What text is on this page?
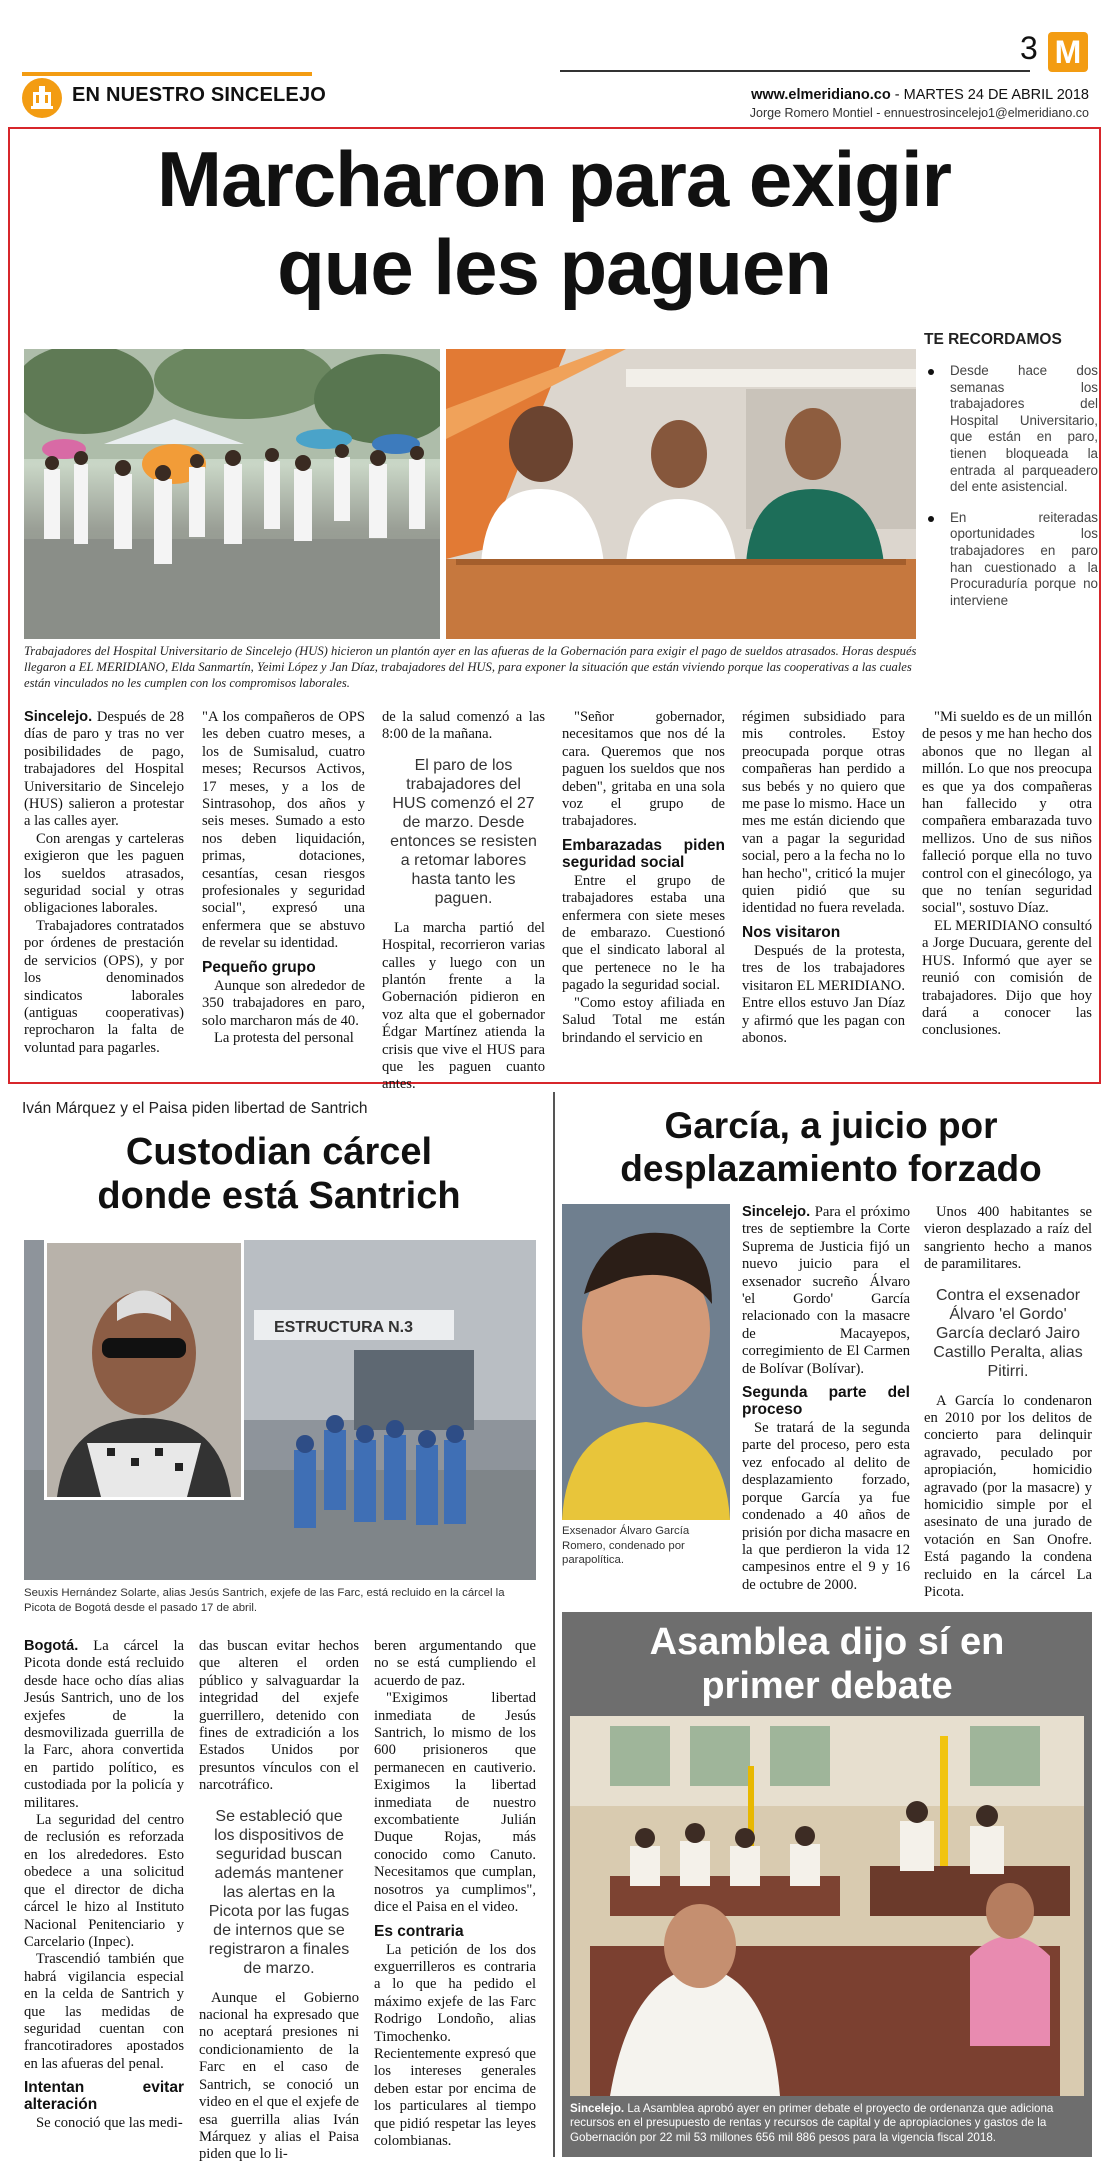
EN NUESTRO SINCELEJO
3 M
www.elmeridiano.co - MARTES 24 DE ABRIL 2018
Jorge Romero Montiel - ennuestrosincelejo1@elmeridiano.co
Marcharon para exigir
que les paguen
TE RECORDAMOS
Desde hace dos semanas los trabajadores del Hospital Universitario, que están en paro, tienen bloqueada la entrada al parqueadero del ente asistencial.
En reiteradas oportunidades los trabajadores en paro han cuestionado a la Procuraduría porque no interviene
Trabajadores del Hospital Universitario de Sincelejo (HUS) hicieron un plantón ayer en las afueras de la Gobernación para exigir el pago de sueldos atrasados. Horas después llegaron a EL MERIDIANO, Elda Sanmartín, Yeimi López y Jan Díaz, trabajadores del HUS, para exponer la situación que están viviendo porque las cooperativas a las cuales están vinculados no les cumplen con los compromisos laborales.

Sincelejo. Después de 28 días de paro y tras no ver posibilidades de pago, trabajadores del Hospital Universitario de Sincelejo (HUS) salieron a protestar a las calles ayer.

Con arengas y carteleras exigieron que les paguen los sueldos atrasados, seguridad social y otras obligaciones laborales.

Trabajadores contratados por órdenes de prestación de servicios (OPS), y por los denominados sindicatos laborales (antiguas cooperativas) reprocharon la falta de voluntad para pagarles.

"A los compañeros de OPS les deben cuatro meses, a los de Sumisalud, cuatro meses; Recursos Activos, 17 meses, y a los de Sintrasohop, dos años y seis meses. Sumado a esto nos deben liquidación, primas, dotaciones, cesantías, cesan riesgos profesionales y seguridad social", expresó una enfermera que se abstuvo de revelar su identidad.

Pequeño grupo

Aunque son alrededor de 350 trabajadores en paro, solo marcharon más de 40.

La protesta del personal

de la salud comenzó a las 8:00 de la mañana.

El paro de los trabajadores del HUS comenzó el 27 de marzo. Desde entonces se resisten a retomar labores hasta tanto les paguen.

La marcha partió del Hospital, recorrieron varias calles y luego con un plantón frente a la Gobernación pidieron en voz alta que el gobernador Édgar Martínez atienda la crisis que vive el HUS para que les paguen cuanto antes.

"Señor gobernador, necesitamos que nos dé la cara. Queremos que nos paguen los sueldos que nos deben", gritaba en una sola voz el grupo de trabajadores.

Embarazadas piden seguridad social

Entre el grupo de trabajadores estaba una enfermera con siete meses de embarazo. Cuestionó que el sindicato laboral al que pertenece no le ha pagado la seguridad social.

"Como estoy afiliada en Salud Total me están brindando el servicio en

régimen subsidiado para mis controles. Estoy preocupada porque otras compañeras han perdido a sus bebés y no quiero que me pase lo mismo. Hace un mes me están diciendo que van a pagar la seguridad social, pero a la fecha no lo han hecho", criticó la mujer quien pidió que su identidad no fuera revelada.

Nos visitaron

Después de la protesta, tres de los trabajadores visitaron EL MERIDIANO. Entre ellos estuvo Jan Díaz y afirmó que les pagan con abonos.

"Mi sueldo es de un millón de pesos y me han hecho dos abonos que no llegan al millón. Lo que nos preocupa es que ya dos compañeras han fallecido y otra compañera embarazada tuvo mellizos. Uno de sus niños falleció porque ella no tuvo control con el ginecólogo, ya que no tenían seguridad social", sostuvo Díaz.

EL MERIDIANO consultó a Jorge Ducuara, gerente del HUS. Informó que ayer se reunió con comisión de trabajadores. Dijo que hoy dará a conocer las conclusiones.

Iván Márquez y el Paisa piden libertad de Santrich
Custodian cárcel
donde está Santrich
ESTRUCTURA N.3
Seuxis Hernández Solarte, alias Jesús Santrich, exjefe de las Farc, está recluido en la cárcel la Picota de Bogotá desde el pasado 17 de abril.

Bogotá. La cárcel la Picota donde está recluido desde hace ocho días alias Jesús Santrich, uno de los exjefes de la desmovilizada guerrilla de la Farc, ahora convertida en partido político, es custodiada por la policía y militares.

La seguridad del centro de reclusión es reforzada en los alrededores. Esto obedece a una solicitud que el director de dicha cárcel le hizo al Instituto Nacional Penitenciario y Carcelario (Inpec).

Trascendió también que habrá vigilancia especial en la celda de Santrich y que las medidas de seguridad cuentan con francotiradores apostados en las afueras del penal.

Intentan evitar alteración

Se conoció que las medi-

das buscan evitar hechos que alteren el orden público y salvaguardar la integridad del exjefe guerrillero, detenido con fines de extradición a los Estados Unidos por presuntos vínculos con el narcotráfico.

Se estableció que los dispositivos de seguridad buscan además mantener las alertas en la Picota por las fugas de internos que se registraron a finales de marzo.

Aunque el Gobierno nacional ha expresado que no aceptará presiones ni condicionamiento de la Farc en el caso de Santrich, se conoció un video en el que el exjefe de esa guerrilla alias Iván Márquez y alias el Paisa piden que lo li-

beren argumentando que no se está cumpliendo el acuerdo de paz.

"Exigimos libertad inmediata de Jesús Santrich, lo mismo de los 600 prisioneros que permanecen en cautiverio. Exigimos la libertad inmediata de nuestro excombatiente Julián Duque Rojas, más conocido como Canuto. Necesitamos que cumplan, nosotros ya cumplimos", dice el Paisa en el video.

Es contraria

La petición de los dos exguerrilleros es contraria a lo que ha pedido el máximo exjefe de las Farc Rodrigo Londoño, alias Timochenko. Recientemente expresó que los intereses generales deben estar por encima de los particulares al tiempo que pidió respetar las leyes colombianas.

García, a juicio por
desplazamiento forzado
Exsenador Álvaro García Romero, condenado por parapolítica.

Sincelejo. Para el próximo tres de septiembre la Corte Suprema de Justicia fijó un nuevo juicio para el exsenador sucreño Álvaro 'el Gordo' García relacionado con la masacre de Macayepos, corregimiento de El Carmen de Bolívar (Bolívar).

Segunda parte del proceso

Se tratará de la segunda parte del proceso, pero esta vez enfocado al delito de desplazamiento forzado, porque García ya fue condenado a 40 años de prisión por dicha masacre en la que perdieron la vida 12 campesinos entre el 9 y 16 de octubre de 2000.

Unos 400 habitantes se vieron desplazado a raíz del sangriento hecho a manos de paramilitares.

Contra el exsenador Álvaro 'el Gordo' García declaró Jairo Castillo Peralta, alias Pitirri.

A García lo condenaron en 2010 por los delitos de concierto para delinquir agravado, peculado por apropiación, homicidio agravado (por la masacre) y homicidio simple por el asesinato de una jurado de votación en San Onofre. Está pagando la condena recluido en la cárcel La Picota.

Asamblea dijo sí en
primer debate
Sincelejo. La Asamblea aprobó ayer en primer debate el proyecto de ordenanza que adiciona recursos en el presupuesto de rentas y recursos de capital y de apropiaciones y gastos de la Gobernación por 22 mil 53 millones 656 mil 886 pesos para la vigencia fiscal 2018.
